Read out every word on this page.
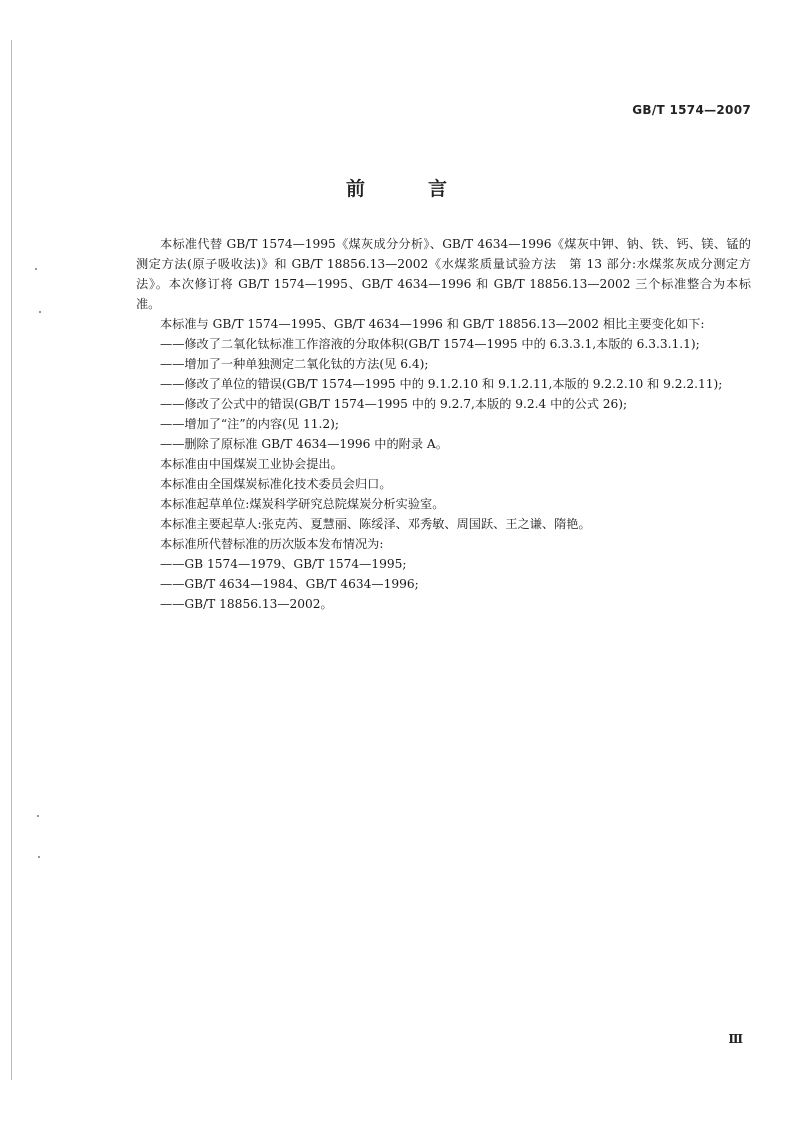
GB/T 1574—2007
前　言

本标准代替 GB/T 1574—1995《煤灰成分分析》、GB/T 4634—1996《煤灰中钾、钠、铁、钙、镁、锰的测定方法(原子吸收法)》和 GB/T 18856.13—2002《水煤浆质量试验方法　第 13 部分:水煤浆灰成分测定方法》。本次修订将 GB/T 1574—1995、GB/T 4634—1996 和 GB/T 18856.13—2002 三个标准整合为本标准。

本标准与 GB/T 1574—1995、GB/T 4634—1996 和 GB/T 18856.13—2002 相比主要变化如下:

——修改了二氧化钛标准工作溶液的分取体积(GB/T 1574—1995 中的 6.3.3.1,本版的 6.3.3.1.1);

——增加了一种单独测定二氧化钛的方法(见 6.4);

——修改了单位的错误(GB/T 1574—1995 中的 9.1.2.10 和 9.1.2.11,本版的 9.2.2.10 和 9.2.2.11);

——修改了公式中的错误(GB/T 1574—1995 中的 9.2.7,本版的 9.2.4 中的公式 26);

——增加了“注”的内容(见 11.2);

——删除了原标准 GB/T 4634—1996 中的附录 A。

本标准由中国煤炭工业协会提出。

本标准由全国煤炭标准化技术委员会归口。

本标准起草单位:煤炭科学研究总院煤炭分析实验室。

本标准主要起草人:张克芮、夏慧丽、陈绥泽、邓秀敏、周国跃、王之谦、隋艳。

本标准所代替标准的历次版本发布情况为:

——GB 1574—1979、GB/T 1574—1995;

——GB/T 4634—1984、GB/T 4634—1996;

——GB/T 18856.13—2002。

Ⅲ
